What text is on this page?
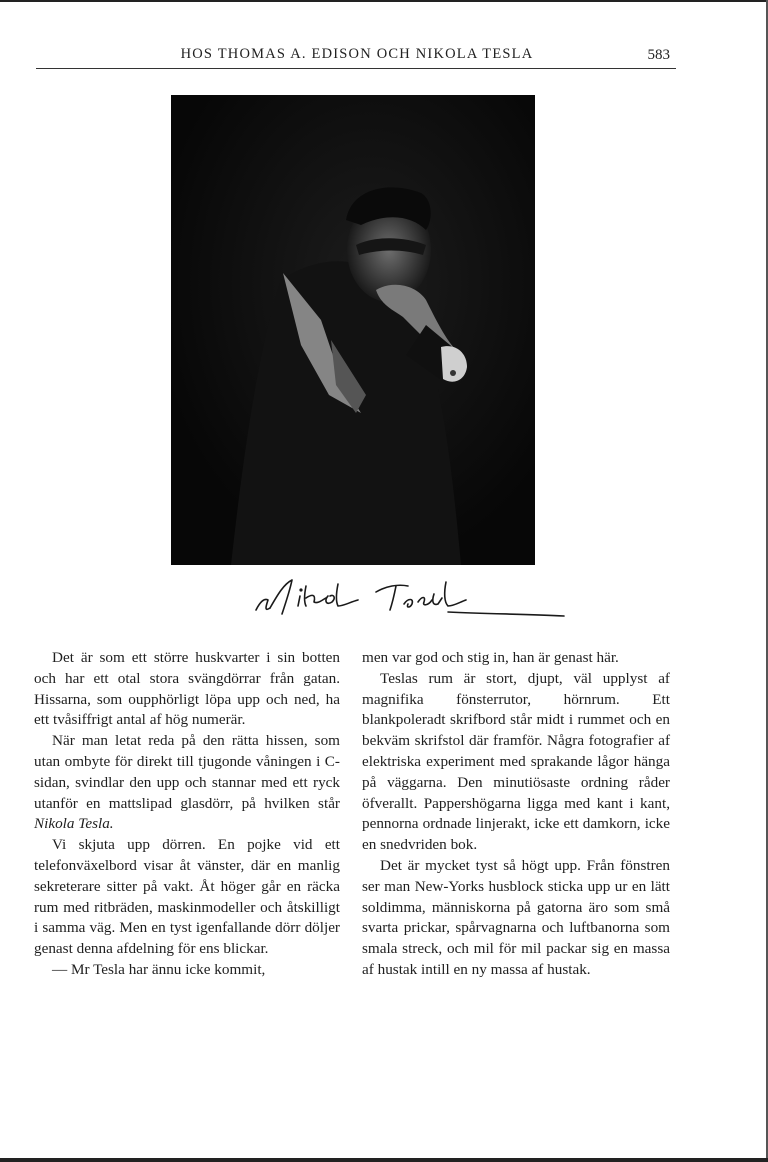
HOS THOMAS A. EDISON OCH NIKOLA TESLA	583
Nikola Tesla

Det är som ett större huskvarter i sin botten och har ett otal stora svängdörrar från gatan. Hissarna, som oupphörligt löpa upp och ned, ha ett tvåsiffrigt antal af hög numerär.

När man letat reda på den rätta hissen, som utan ombyte för direkt till tjugonde våningen i C-sidan, svindlar den upp och stannar med ett ryck utanför en mattslipad glasdörr, på hvilken står Nikola Tesla.

Vi skjuta upp dörren. En pojke vid ett telefonväxelbord visar åt vänster, där en manlig sekreterare sitter på vakt. Åt höger går en räcka rum med ritbräden, maskinmodeller och åtskilligt i samma väg. Men en tyst igenfallande dörr döljer genast denna afdelning för ens blickar.

— Mr Tesla har ännu icke kommit,

men var god och stig in, han är genast här.

Teslas rum är stort, djupt, väl upplyst af magnifika fönsterrutor, hörnrum. Ett blankpoleradt skrifbord står midt i rummet och en bekväm skrifstol där framför. Några fotografier af elektriska experiment med sprakande lågor hänga på väggarna. Den minutiösaste ordning råder öfverallt. Pappershögarna ligga med kant i kant, pennorna ordnade linjerakt, icke ett damkorn, icke en snedvriden bok.

Det är mycket tyst så högt upp. Från fönstren ser man New-Yorks husblock sticka upp ur en lätt soldimma, människorna på gatorna äro som små svarta prickar, spårvagnarna och luftbanorna som smala streck, och mil för mil packar sig en massa af hustak intill en ny massa af hustak.
